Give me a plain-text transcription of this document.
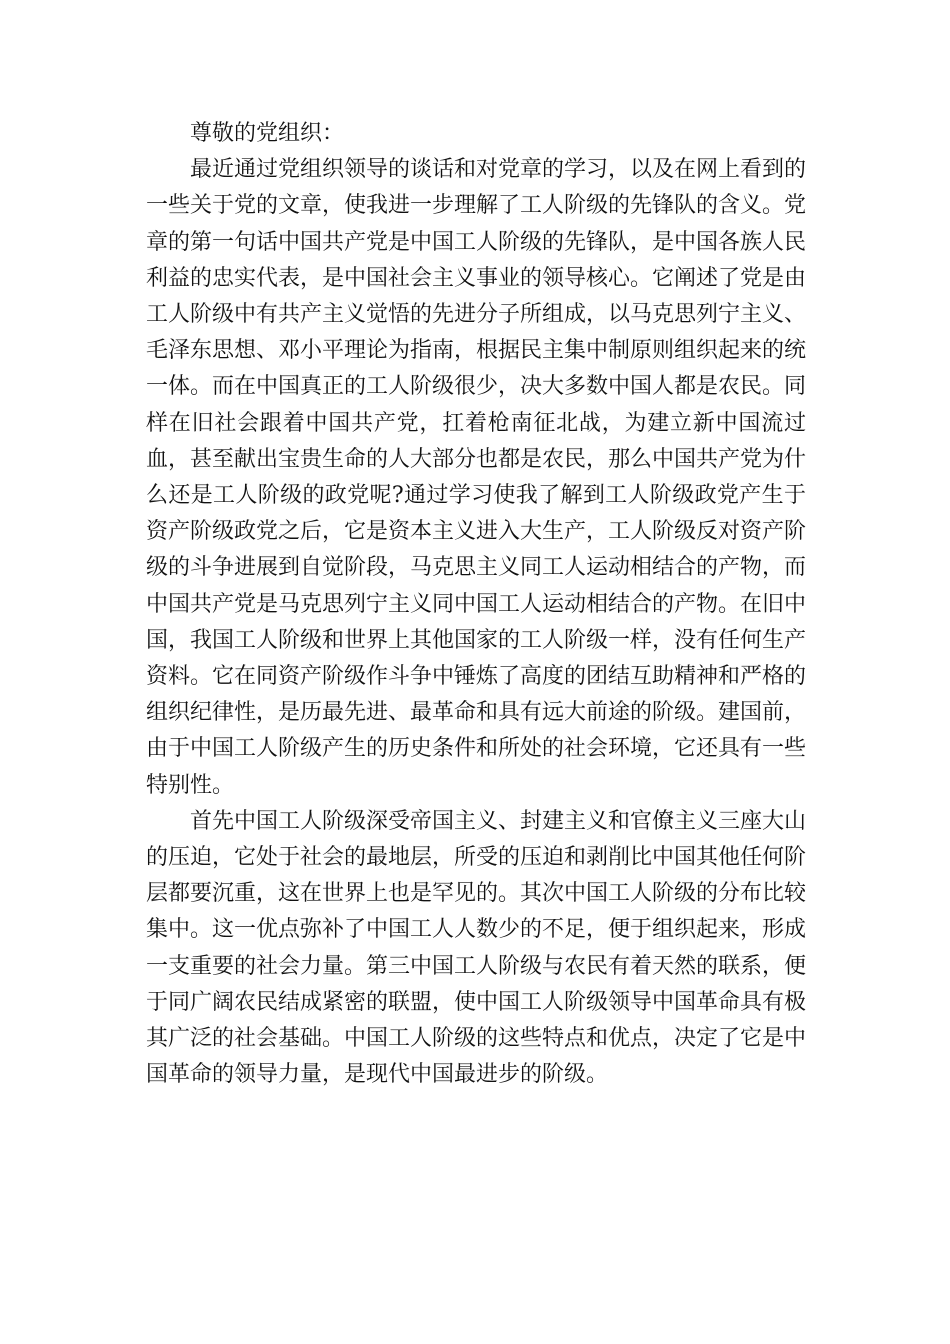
尊敬的党组织：

最近通过党组织领导的谈话和对党章的学习，以及在网上看到的一些关于党的文章，使我进一步理解了工人阶级的先锋队的含义。党章的第一句话中国共产党是中国工人阶级的先锋队，是中国各族人民利益的忠实代表，是中国社会主义事业的领导核心。它阐述了党是由工人阶级中有共产主义觉悟的先进分子所组成，以马克思列宁主义、毛泽东思想、邓小平理论为指南，根据民主集中制原则组织起来的统一体。而在中国真正的工人阶级很少，决大多数中国人都是农民。同样在旧社会跟着中国共产党，扛着枪南征北战，为建立新中国流过血，甚至献出宝贵生命的人大部分也都是农民，那么中国共产党为什么还是工人阶级的政党呢?通过学习使我了解到工人阶级政党产生于资产阶级政党之后，它是资本主义进入大生产，工人阶级反对资产阶级的斗争进展到自觉阶段，马克思主义同工人运动相结合的产物，而中国共产党是马克思列宁主义同中国工人运动相结合的产物。在旧中国，我国工人阶级和世界上其他国家的工人阶级一样，没有任何生产资料。它在同资产阶级作斗争中锤炼了高度的团结互助精神和严格的组织纪律性，是历最先进、最革命和具有远大前途的阶级。建国前，由于中国工人阶级产生的历史条件和所处的社会环境，它还具有一些特别性。

首先中国工人阶级深受帝国主义、封建主义和官僚主义三座大山的压迫，它处于社会的最地层，所受的压迫和剥削比中国其他任何阶层都要沉重，这在世界上也是罕见的。其次中国工人阶级的分布比较集中。这一优点弥补了中国工人人数少的不足，便于组织起来，形成一支重要的社会力量。第三中国工人阶级与农民有着天然的联系，便于同广阔农民结成紧密的联盟，使中国工人阶级领导中国革命具有极其广泛的社会基础。中国工人阶级的这些特点和优点，决定了它是中国革命的领导力量，是现代中国最进步的阶级。
